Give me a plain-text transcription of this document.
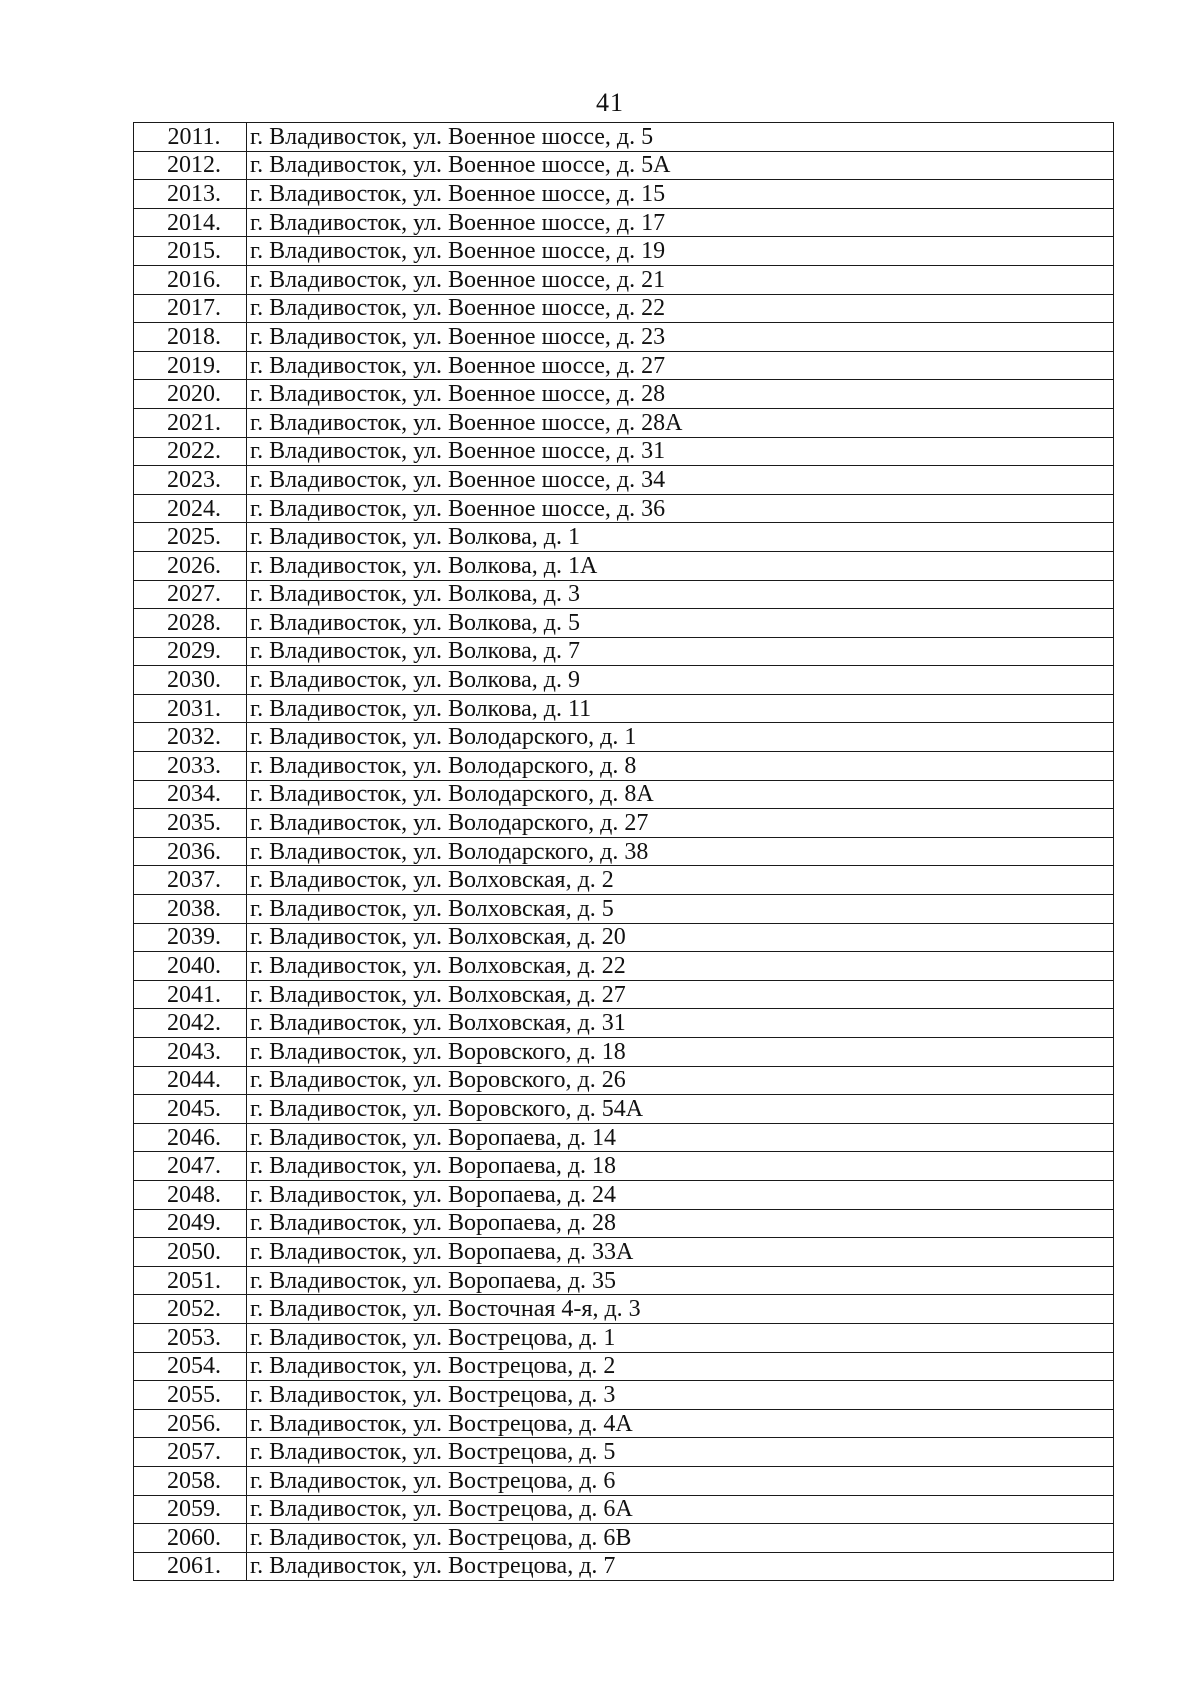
41
2011.	г. Владивосток, ул. Военное шоссе, д. 5
2012.	г. Владивосток, ул. Военное шоссе, д. 5А
2013.	г. Владивосток, ул. Военное шоссе, д. 15
2014.	г. Владивосток, ул. Военное шоссе, д. 17
2015.	г. Владивосток, ул. Военное шоссе, д. 19
2016.	г. Владивосток, ул. Военное шоссе, д. 21
2017.	г. Владивосток, ул. Военное шоссе, д. 22
2018.	г. Владивосток, ул. Военное шоссе, д. 23
2019.	г. Владивосток, ул. Военное шоссе, д. 27
2020.	г. Владивосток, ул. Военное шоссе, д. 28
2021.	г. Владивосток, ул. Военное шоссе, д. 28А
2022.	г. Владивосток, ул. Военное шоссе, д. 31
2023.	г. Владивосток, ул. Военное шоссе, д. 34
2024.	г. Владивосток, ул. Военное шоссе, д. 36
2025.	г. Владивосток, ул. Волкова, д. 1
2026.	г. Владивосток, ул. Волкова, д. 1А
2027.	г. Владивосток, ул. Волкова, д. 3
2028.	г. Владивосток, ул. Волкова, д. 5
2029.	г. Владивосток, ул. Волкова, д. 7
2030.	г. Владивосток, ул. Волкова, д. 9
2031.	г. Владивосток, ул. Волкова, д. 11
2032.	г. Владивосток, ул. Володарского, д. 1
2033.	г. Владивосток, ул. Володарского, д. 8
2034.	г. Владивосток, ул. Володарского, д. 8А
2035.	г. Владивосток, ул. Володарского, д. 27
2036.	г. Владивосток, ул. Володарского, д. 38
2037.	г. Владивосток, ул. Волховская, д. 2
2038.	г. Владивосток, ул. Волховская, д. 5
2039.	г. Владивосток, ул. Волховская, д. 20
2040.	г. Владивосток, ул. Волховская, д. 22
2041.	г. Владивосток, ул. Волховская, д. 27
2042.	г. Владивосток, ул. Волховская, д. 31
2043.	г. Владивосток, ул. Воровского, д. 18
2044.	г. Владивосток, ул. Воровского, д. 26
2045.	г. Владивосток, ул. Воровского, д. 54А
2046.	г. Владивосток, ул. Воропаева, д. 14
2047.	г. Владивосток, ул. Воропаева, д. 18
2048.	г. Владивосток, ул. Воропаева, д. 24
2049.	г. Владивосток, ул. Воропаева, д. 28
2050.	г. Владивосток, ул. Воропаева, д. 33А
2051.	г. Владивосток, ул. Воропаева, д. 35
2052.	г. Владивосток, ул. Восточная 4-я, д. 3
2053.	г. Владивосток, ул. Вострецова, д. 1
2054.	г. Владивосток, ул. Вострецова, д. 2
2055.	г. Владивосток, ул. Вострецова, д. 3
2056.	г. Владивосток, ул. Вострецова, д. 4А
2057.	г. Владивосток, ул. Вострецова, д. 5
2058.	г. Владивосток, ул. Вострецова, д. 6
2059.	г. Владивосток, ул. Вострецова, д. 6А
2060.	г. Владивосток, ул. Вострецова, д. 6В
2061.	г. Владивосток, ул. Вострецова, д. 7
